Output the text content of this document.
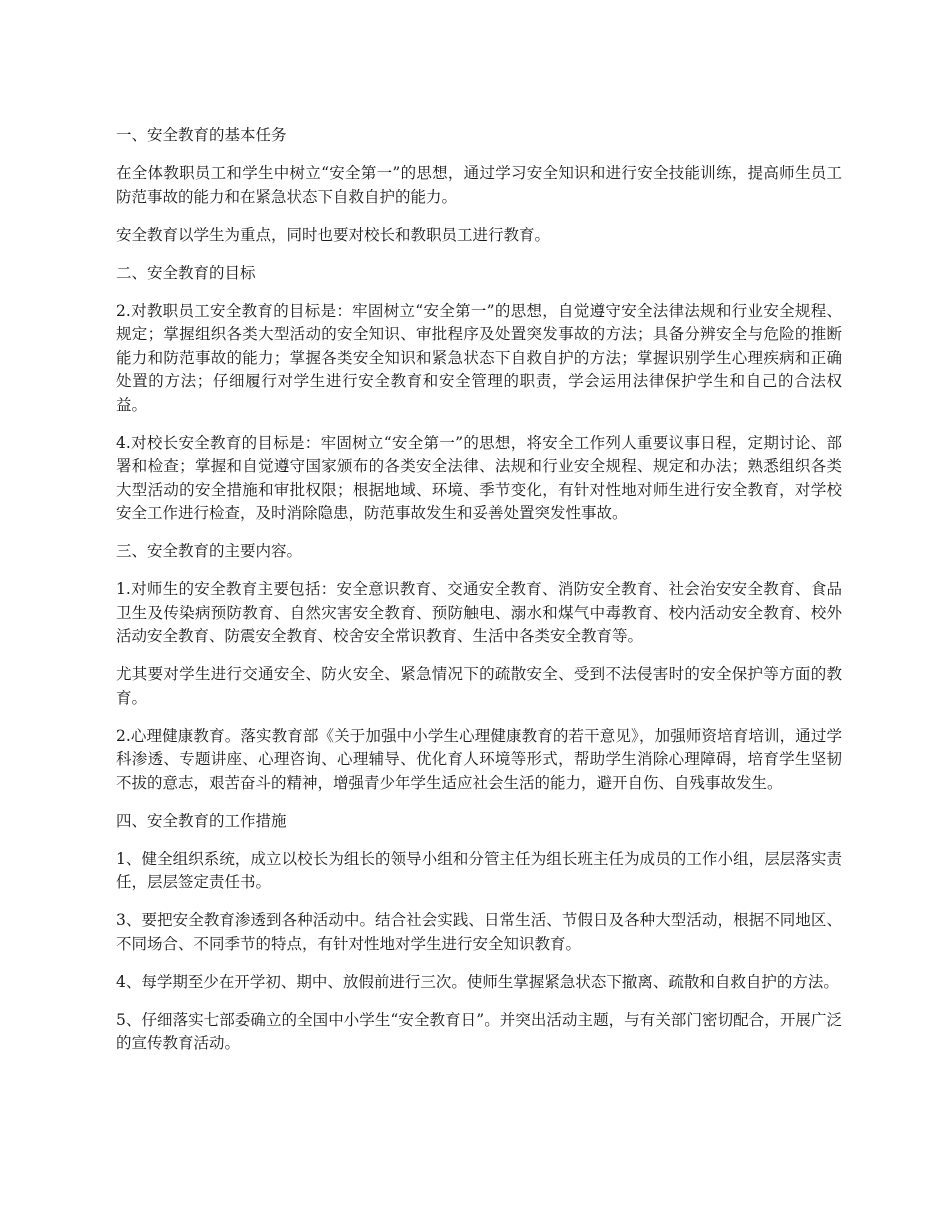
一、安全教育的基本任务

在全体教职员工和学生中树立“安全第一”的思想，通过学习安全知识和进行安全技能训练，提高师生员工防范事故的能力和在紧急状态下自救自护的能力。

安全教育以学生为重点，同时也要对校长和教职员工进行教育。

二、安全教育的目标

2.对教职员工安全教育的目标是：牢固树立“安全第一”的思想，自觉遵守安全法律法规和行业安全规程、规定；掌握组织各类大型活动的安全知识、审批程序及处置突发事故的方法；具备分辨安全与危险的推断能力和防范事故的能力；掌握各类安全知识和紧急状态下自救自护的方法；掌握识别学生心理疾病和正确处置的方法；仔细履行对学生进行安全教育和安全管理的职责，学会运用法律保护学生和自己的合法权益。

4.对校长安全教育的目标是：牢固树立“安全第一”的思想，将安全工作列人重要议事日程，定期讨论、部署和检查；掌握和自觉遵守国家颁布的各类安全法律、法规和行业安全规程、规定和办法；熟悉组织各类大型活动的安全措施和审批权限；根据地域、环境、季节变化，有针对性地对师生进行安全教育，对学校安全工作进行检查，及时消除隐患，防范事故发生和妥善处置突发性事故。

三、安全教育的主要内容。

1.对师生的安全教育主要包括：安全意识教育、交通安全教育、消防安全教育、社会治安安全教育、食品卫生及传染病预防教育、自然灾害安全教育、预防触电、溺水和煤气中毒教育、校内活动安全教育、校外活动安全教育、防震安全教育、校舍安全常识教育、生活中各类安全教育等。

尤其要对学生进行交通安全、防火安全、紧急情况下的疏散安全、受到不法侵害时的安全保护等方面的教育。

2.心理健康教育。落实教育部《关于加强中小学生心理健康教育的若干意见》，加强师资培育培训，通过学科渗透、专题讲座、心理咨询、心理辅导、优化育人环境等形式，帮助学生消除心理障碍，培育学生坚韧不拔的意志，艰苦奋斗的精神，增强青少年学生适应社会生活的能力，避开自伤、自残事故发生。

四、安全教育的工作措施

1、健全组织系统，成立以校长为组长的领导小组和分管主任为组长班主任为成员的工作小组，层层落实责任，层层签定责任书。

3、要把安全教育渗透到各种活动中。结合社会实践、日常生活、节假日及各种大型活动，根据不同地区、不同场合、不同季节的特点，有针对性地对学生进行安全知识教育。

4、每学期至少在开学初、期中、放假前进行三次。使师生掌握紧急状态下撤离、疏散和自救自护的方法。

5、仔细落实七部委确立的全国中小学生“安全教育日”。并突出活动主题，与有关部门密切配合，开展广泛的宣传教育活动。
